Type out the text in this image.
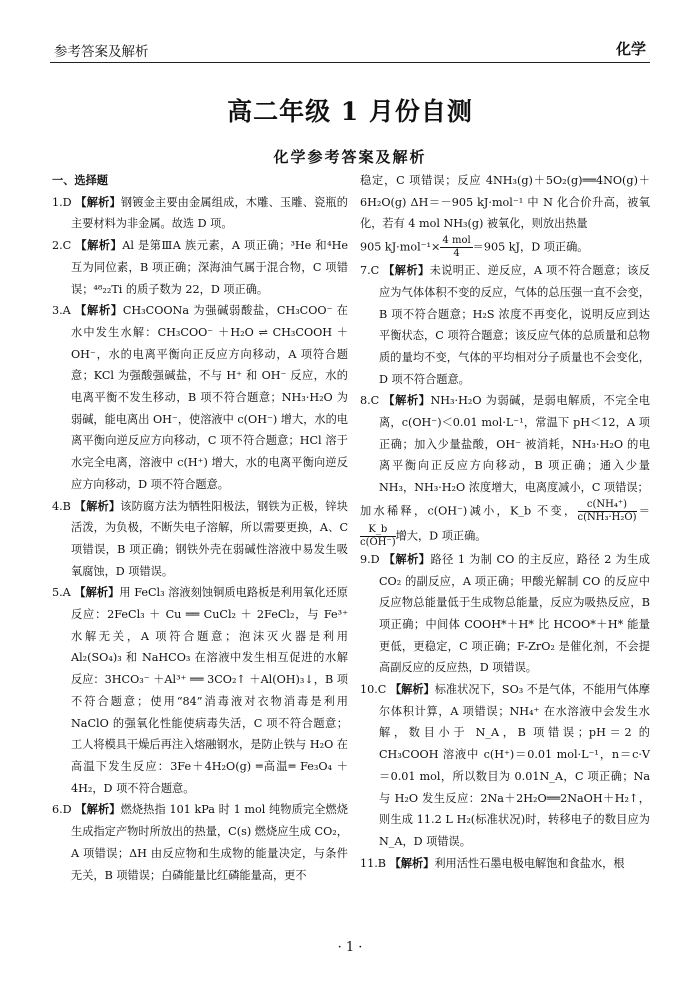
参考答案及解析	化学
高二年级 1 月份自测
化学参考答案及解析

一、选择题

1.D 【解析】钢镀金主要由金属组成，木雕、玉雕、瓷瓶的主要材料为非金属。故选 D 项。

2.C 【解析】Al 是第ⅢA 族元素，A 项正确；³He 和⁴He 互为同位素，B 项正确；深海油气属于混合物，C 项错误；⁴⁸₂₂Ti 的质子数为 22，D 项正确。

3.A 【解析】CH₃COONa 为强碱弱酸盐，CH₃COO⁻ 在水中发生水解：CH₃COO⁻ ＋H₂O ⇌ CH₃COOH ＋OH⁻，水的电离平衡向正反应方向移动，A 项符合题意；KCl 为强酸强碱盐，不与 H⁺ 和 OH⁻ 反应，水的电离平衡不发生移动，B 项不符合题意；NH₃·H₂O 为弱碱，能电离出 OH⁻，使溶液中 c(OH⁻) 增大，水的电离平衡向逆反应方向移动，C 项不符合题意；HCl 溶于水完全电离，溶液中 c(H⁺) 增大，水的电离平衡向逆反应方向移动，D 项不符合题意。

4.B 【解析】该防腐方法为牺牲阳极法，钢铁为正极，锌块活泼，为负极，不断失电子溶解，所以需要更换，A、C 项错误，B 项正确；钢铁外壳在弱碱性溶液中易发生吸氧腐蚀，D 项错误。

5.A 【解析】用 FeCl₃ 溶液刻蚀铜质电路板是利用氧化还原反应：2FeCl₃ ＋ Cu ══ CuCl₂ ＋ 2FeCl₂，与 Fe³⁺ 水解无关，A 项符合题意；泡沫灭火器是利用 Al₂(SO₄)₃ 和 NaHCO₃ 在溶液中发生相互促进的水解反应：3HCO₃⁻ ＋Al³⁺ ══ 3CO₂↑ ＋Al(OH)₃↓，B 项不符合题意；使用“84”消毒液对衣物消毒是利用 NaClO 的强氧化性能使病毒失活，C 项不符合题意；工人将模具干燥后再注入熔融钢水，是防止铁与 H₂O 在高温下发生反应：3Fe＋4H₂O(g) ═高温═ Fe₃O₄ ＋4H₂，D 项不符合题意。

6.D 【解析】燃烧热指 101 kPa 时 1 mol 纯物质完全燃烧生成指定产物时所放出的热量，C(s) 燃烧应生成 CO₂，A 项错误；ΔH 由反应物和生成物的能量决定，与条件无关，B 项错误；白磷能量比红磷能量高，更不

稳定，C 项错误；反应 4NH₃(g)＋5O₂(g)══4NO(g)＋6H₂O(g) ΔH＝－905 kJ·mol⁻¹ 中 N 化合价升高，被氧化，若有 4 mol NH₃(g) 被氧化，则放出热量

905 $kJ\cdot mol^{-1}\times \frac{\text{4 mol}}{4} =905$ kJ，D 项正确。

7.C 【解析】未说明正、逆反应，A 项不符合题意；该反应为气体体积不变的反应，气体的总压强一直不会变，B 项不符合题意；H₂S 浓度不再变化，说明反应到达平衡状态，C 项符合题意；该反应气体的总质量和总物质的量均不变，气体的平均相对分子质量也不会变化，D 项不符合题意。

8.C 【解析】NH₃·H₂O 为弱碱，是弱电解质，不完全电离，c(OH⁻)＜0.01 mol·L⁻¹，常温下 pH＜12，A 项正确；加入少量盐酸，OH⁻ 被消耗，NH₃·H₂O 的电离平衡向正反应方向移动，B 项正确；通入少量 NH₃，NH₃·H₂O 浓度增大，电离度减小，C 项错误；

加水稀释，c(OH⁻)减小，K_b 不变， $\frac{\text{c(NH₄⁺)}}{\text{c(NH₃·H₂O)}}$ ＝
$\frac{K\_b}{c(OH^-)}$ 增大，D 项正确。

9.D 【解析】路径 1 为制 CO 的主反应，路径 2 为生成 CO₂ 的副反应，A 项正确；甲酸光解制 CO 的反应中反应物总能量低于生成物总能量，反应为吸热反应，B 项正确；中间体 COOH*＋H* 比 HCOO*＋H* 能量更低，更稳定，C 项正确；F-ZrO₂ 是催化剂，不会提高副反应的反应热，D 项错误。

10.C 【解析】标准状况下，SO₃ 不是气体，不能用气体摩尔体积计算，A 项错误；NH₄⁺ 在水溶液中会发生水解，数目小于 N_A，B 项错误；pH＝2 的 CH₃COOH 溶液中 c(H⁺)＝0.01 mol·L⁻¹，n＝c·V＝0.01 mol，所以数目为 0.01N_A，C 项正确；Na 与 H₂O 发生反应：2Na＋2H₂O══2NaOH＋H₂↑，则生成 11.2 L H₂(标准状况)时，转移电子的数目应为 N_A，D 项错误。

11.B 【解析】利用活性石墨电极电解饱和食盐水，根

· 1 ·
